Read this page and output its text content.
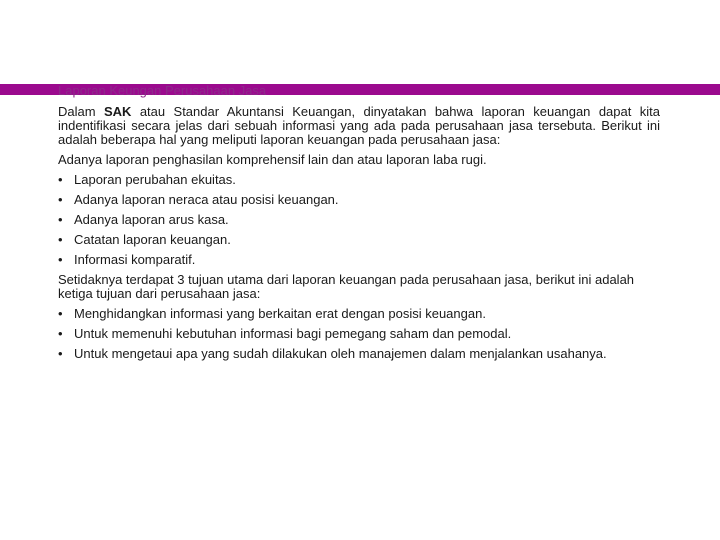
Laporan Keungan Perusahaan Jasa

Dalam SAK atau Standar Akuntansi Keuangan, dinyatakan bahwa laporan keuangan dapat kita indentifikasi secara jelas dari sebuah informasi yang ada pada perusahaan jasa tersebuta. Berikut ini adalah beberapa hal yang meliputi laporan keuangan pada perusahaan jasa:

Adanya laporan penghasilan komprehensif lain dan atau laporan laba rugi.

• Laporan perubahan ekuitas.
• Adanya laporan neraca atau posisi keuangan.
• Adanya laporan arus kasa.
• Catatan laporan keuangan.
• Informasi komparatif.

Setidaknya terdapat 3 tujuan utama dari laporan keuangan pada perusahaan jasa, berikut ini adalah ketiga tujuan dari perusahaan jasa:

• Menghidangkan informasi yang berkaitan erat dengan posisi keuangan.
• Untuk memenuhi kebutuhan informasi bagi pemegang saham dan pemodal.
• Untuk mengetaui apa yang sudah dilakukan oleh manajemen dalam menjalankan usahanya.
